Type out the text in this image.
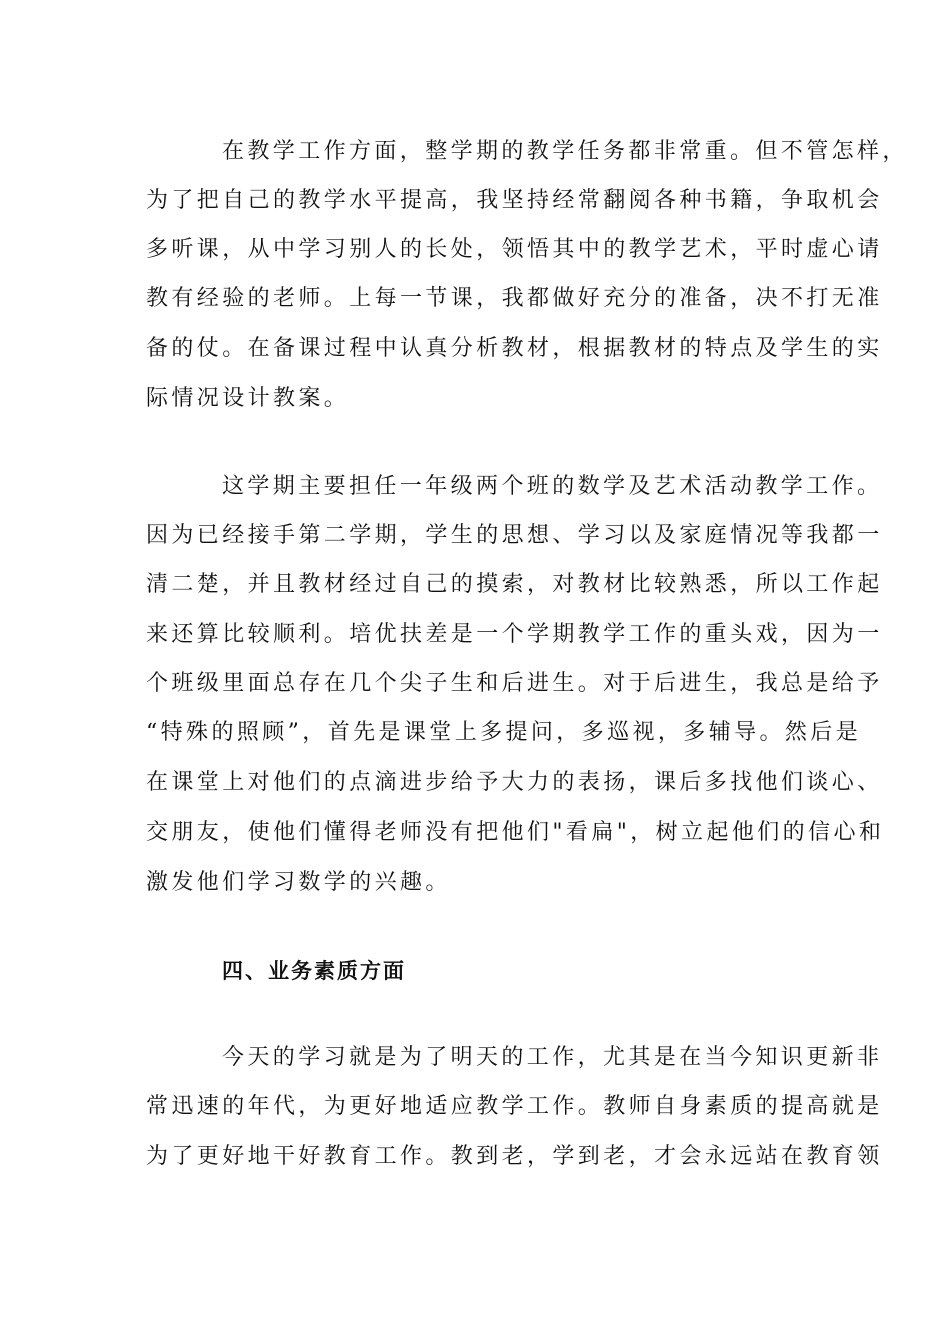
在教学工作方面，整学期的教学任务都非常重。但不管怎样，
为了把自己的教学水平提高，我坚持经常翻阅各种书籍，争取机会
多听课，从中学习别人的长处，领悟其中的教学艺术，平时虚心请
教有经验的老师。上每一节课，我都做好充分的准备，决不打无准
备的仗。在备课过程中认真分析教材，根据教材的特点及学生的实
际情况设计教案。
这学期主要担任一年级两个班的数学及艺术活动教学工作。
因为已经接手第二学期，学生的思想、学习以及家庭情况等我都一
清二楚，并且教材经过自己的摸索，对教材比较熟悉，所以工作起
来还算比较顺利。培优扶差是一个学期教学工作的重头戏，因为一
个班级里面总存在几个尖子生和后进生。对于后进生，我总是给予
“特殊的照顾”，首先是课堂上多提问，多巡视，多辅导。然后是
在课堂上对他们的点滴进步给予大力的表扬，课后多找他们谈心、
交朋友，使他们懂得老师没有把他们"看扁"，树立起他们的信心和
激发他们学习数学的兴趣。
四、业务素质方面
今天的学习就是为了明天的工作，尤其是在当今知识更新非
常迅速的年代，为更好地适应教学工作。教师自身素质的提高就是
为了更好地干好教育工作。教到老，学到老，才会永远站在教育领
